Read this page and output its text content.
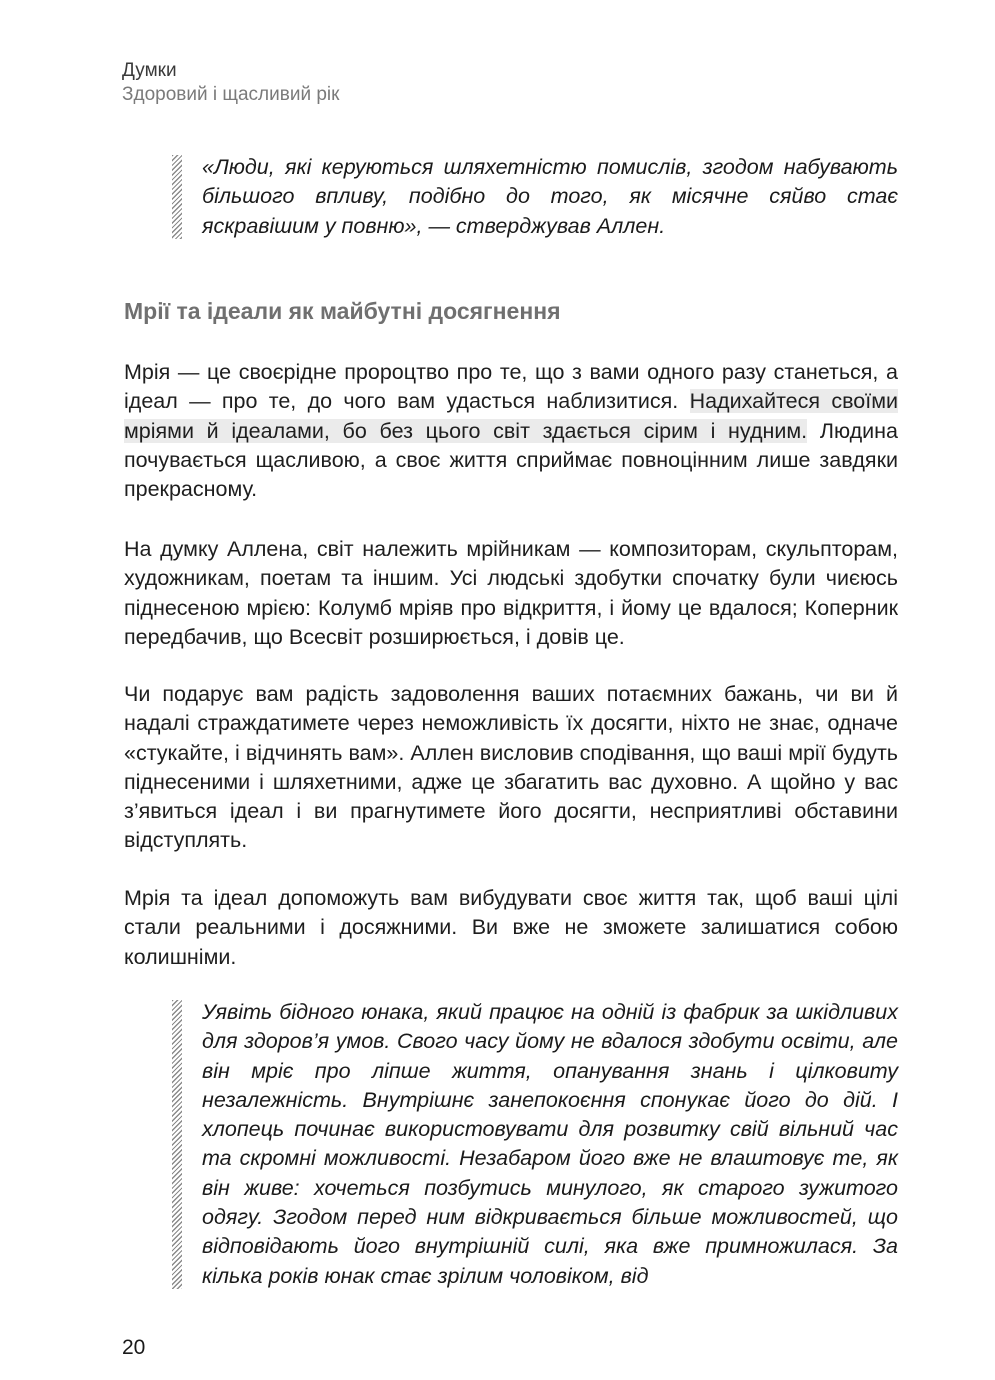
Думки
Здоровий і щасливий рік
«Люди, які керуються шляхетністю помислів, згодом набувають більшого впливу, подібно до того, як місячне сяйво стає яскравішим у повню», — стверджував Аллен.
Мрії та ідеали як майбутні досягнення
Мрія — це своєрідне пророцтво про те, що з вами одного разу станеться, а ідеал — про те, до чого вам удасться наблизитися. Надихайтеся своїми мріями й ідеалами, бо без цього світ здається сірим і нудним. Людина почувається щасливою, а своє життя сприймає повноцінним лише завдяки прекрасному.
На думку Аллена, світ належить мрійникам — композиторам, скульпторам, художникам, поетам та іншим. Усі людські здобутки спочатку були чиєюсь піднесеною мрією: Колумб мріяв про відкриття, і йому це вдалося; Коперник передбачив, що Всесвіт розширюється, і довів це.
Чи подарує вам радість задоволення ваших потаємних бажань, чи ви й надалі страждатимете через неможливість їх досягти, ніхто не знає, одначе «стукайте, і відчинять вам». Аллен висловив сподівання, що ваші мрії будуть піднесеними і шляхетними, адже це збагатить вас духовно. А щойно у вас з’явиться ідеал і ви прагнутимете його досягти, несприятливі обставини відступлять.
Мрія та ідеал допоможуть вам вибудувати своє життя так, щоб ваші цілі стали реальними і досяжними. Ви вже не зможете залишатися собою колишніми.
Уявіть бідного юнака, який працює на одній із фабрик за шкідливих для здоров’я умов. Свого часу йому не вдалося здобути освіти, але він мріє про ліпше життя, опанування знань і цілковиту незалежність. Внутрішнє занепокоєння спонукає його до дій. І хлопець починає використовувати для розвитку свій вільний час та скромні можливості. Незабаром його вже не влаштовує те, як він живе: хочеться позбутись минулого, як старого зужитого одягу. Згодом перед ним відкривається більше можливостей, що відповідають його внутрішній силі, яка вже примножилася. За кілька років юнак стає зрілим чоловіком, від
20
